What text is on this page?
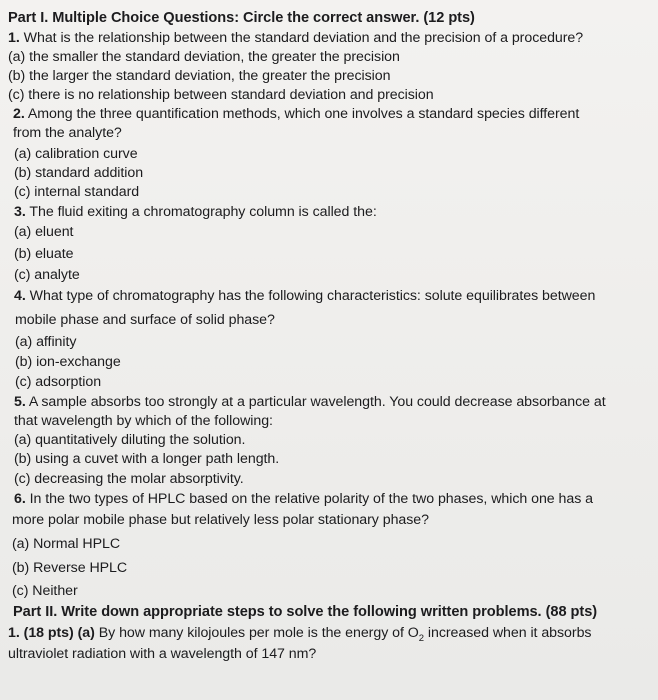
Part I. Multiple Choice Questions: Circle the correct answer. (12 pts)
1. What is the relationship between the standard deviation and the precision of a procedure?
(a) the smaller the standard deviation, the greater the precision
(b) the larger the standard deviation, the greater the precision
(c) there is no relationship between standard deviation and precision
2. Among the three quantification methods, which one involves a standard species different
from the analyte?
(a) calibration curve
(b) standard addition
(c) internal standard
3. The fluid exiting a chromatography column is called the:
(a) eluent
(b) eluate
(c) analyte
4. What type of chromatography has the following characteristics: solute equilibrates between
mobile phase and surface of solid phase?
(a) affinity
(b) ion-exchange
(c) adsorption
5. A sample absorbs too strongly at a particular wavelength. You could decrease absorbance at
that wavelength by which of the following:
(a) quantitatively diluting the solution.
(b) using a cuvet with a longer path length.
(c) decreasing the molar absorptivity.
6. In the two types of HPLC based on the relative polarity of the two phases, which one has a
more polar mobile phase but relatively less polar stationary phase?
(a) Normal HPLC
(b) Reverse HPLC
(c) Neither
Part II. Write down appropriate steps to solve the following written problems. (88 pts)
1. (18 pts) (a) By how many kilojoules per mole is the energy of $O_2$ increased when it absorbs
ultraviolet radiation with a wavelength of 147 nm?
